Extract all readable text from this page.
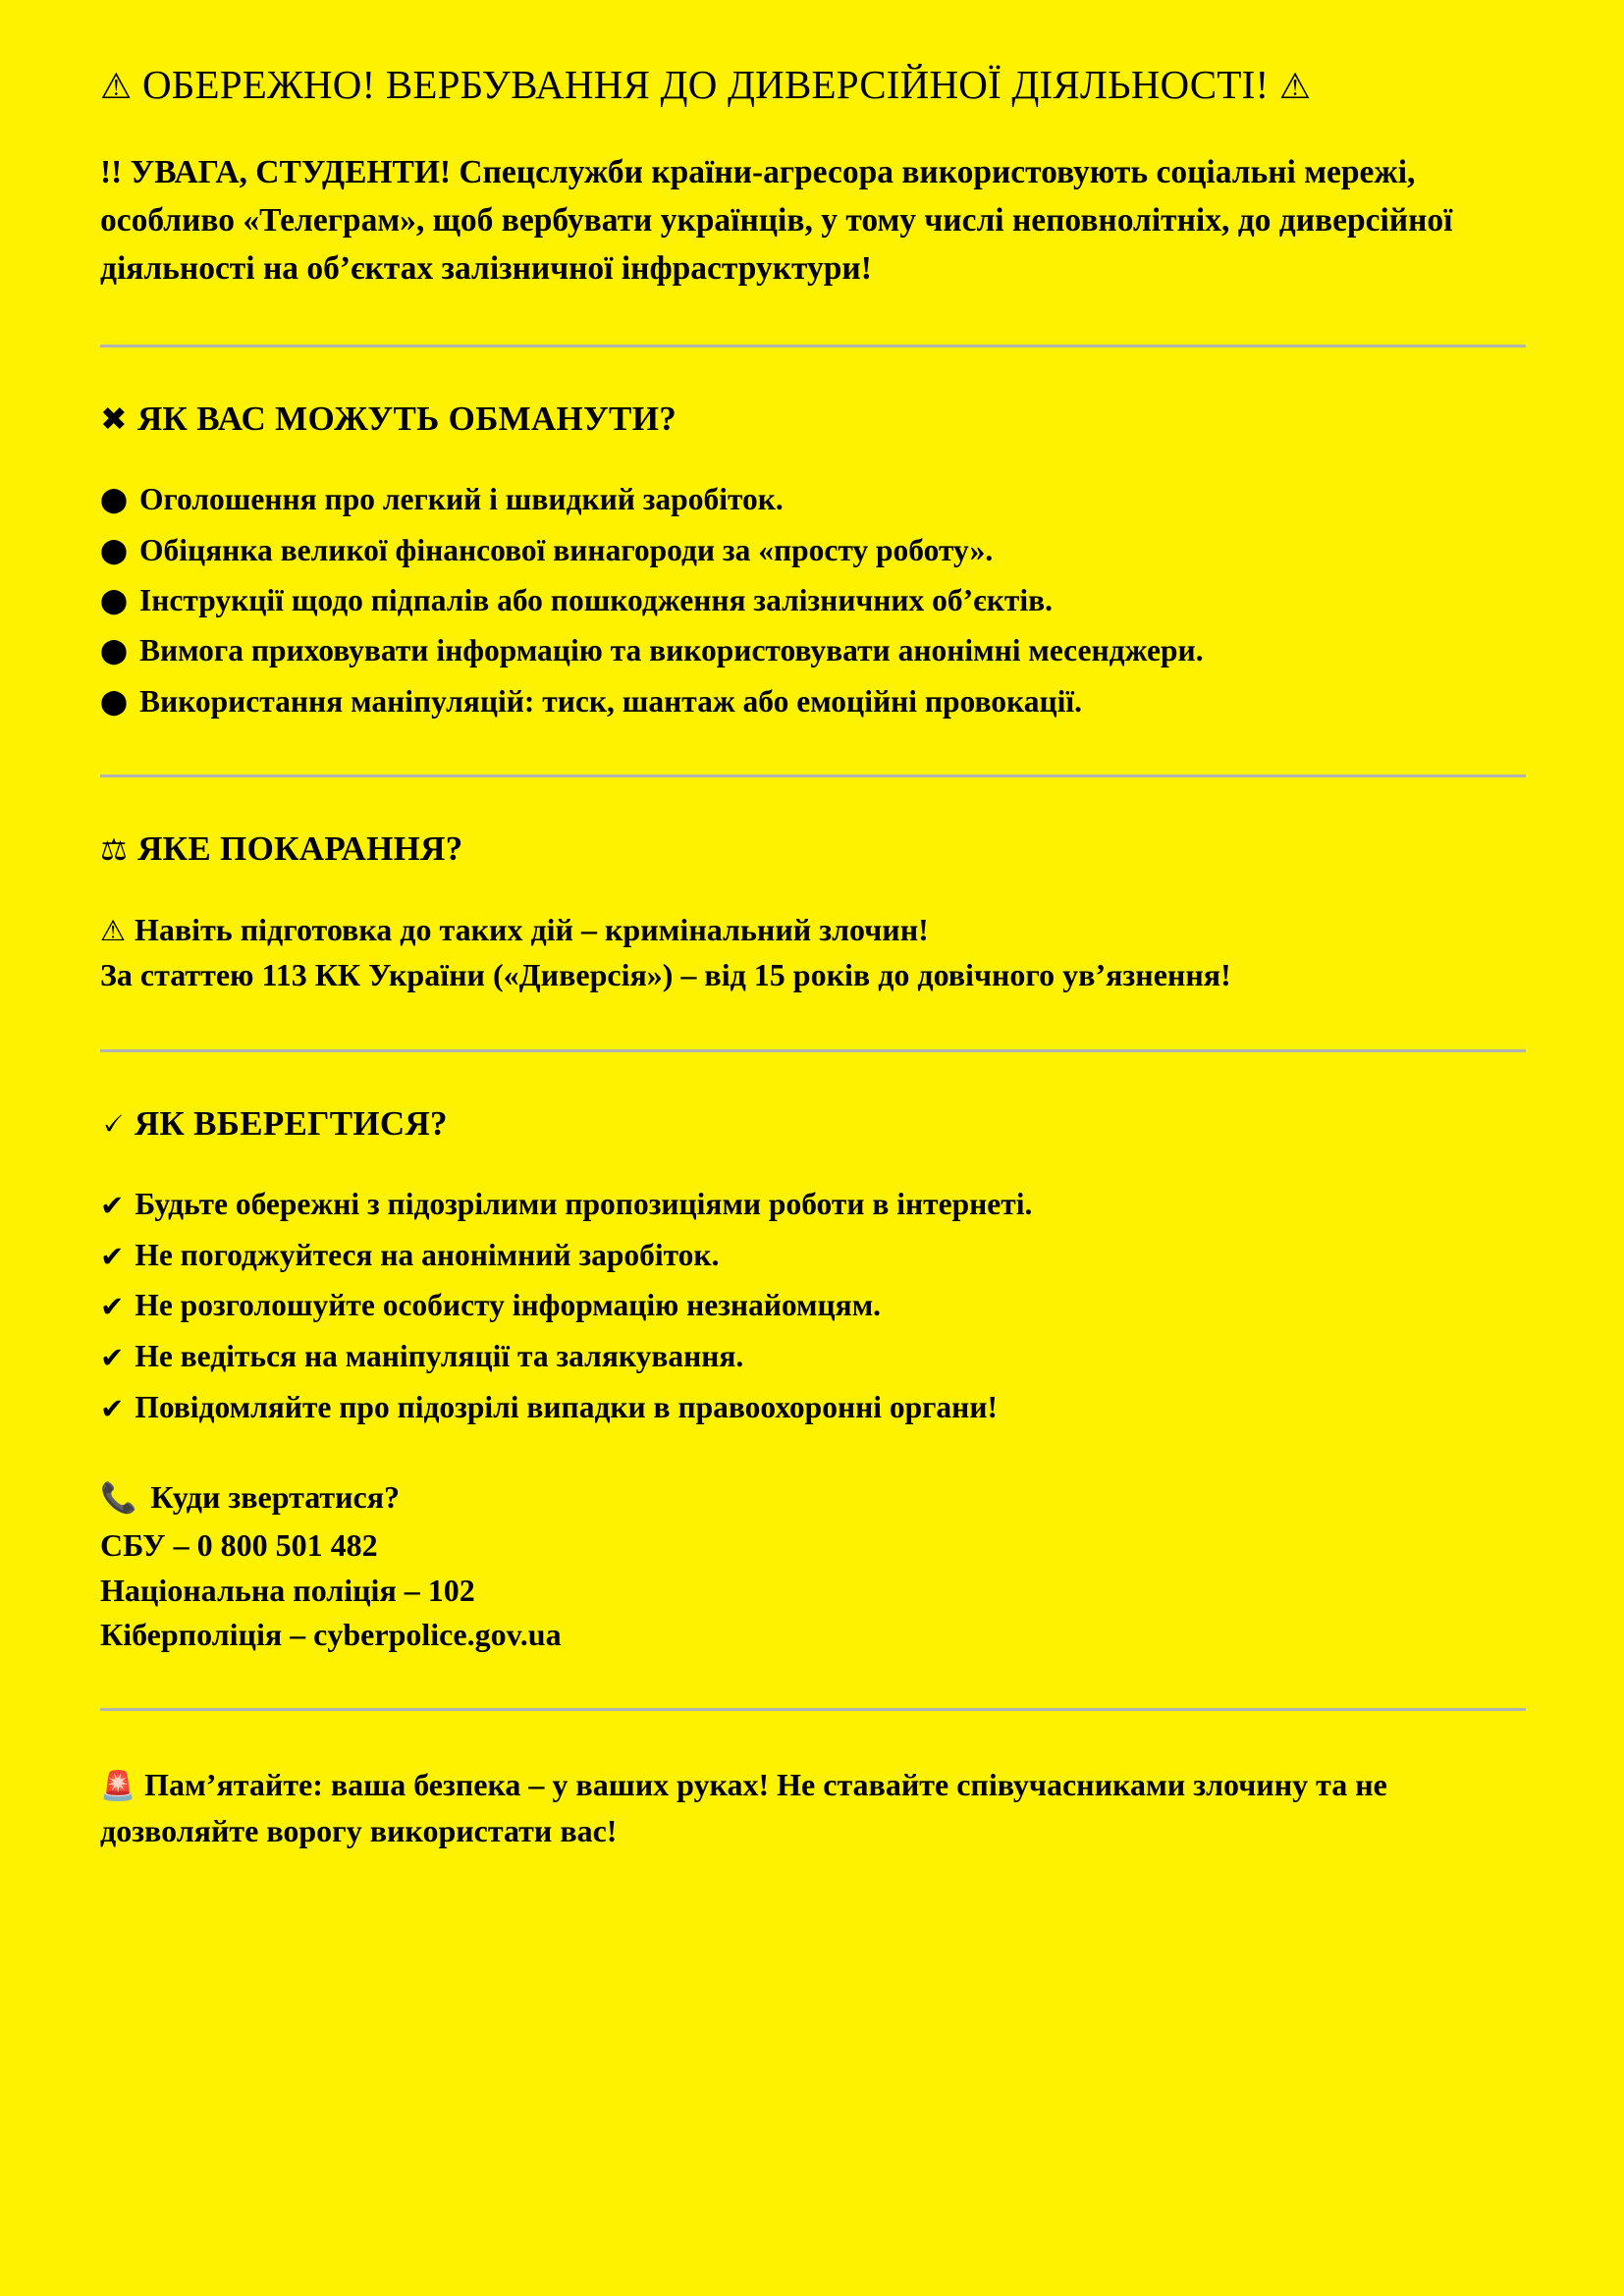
⚠ ОБЕРЕЖНО! ВЕРБУВАННЯ ДО ДИВЕРСІЙНОЇ ДІЯЛЬНОСТІ! ⚠

!! УВАГА, СТУДЕНТИ! Спецслужби країни-агресора використовують соціальні мережі, особливо «Телеграм», щоб вербувати українців, у тому числі неповнолітніх, до диверсійної діяльності на об’єктах залізничної інфраструктури!

✖ ЯК ВАС МОЖУТЬ ОБМАНУТИ?
⬤ Оголошення про легкий і швидкий заробіток.
⬤ Обіцянка великої фінансової винагороди за «просту роботу».
⬤ Інструкції щодо підпалів або пошкодження залізничних об’єктів.
⬤ Вимога приховувати інформацію та використовувати анонімні месенджери.
⬤ Використання маніпуляцій: тиск, шантаж або емоційні провокації.
⚖ ЯКЕ ПОКАРАННЯ?

⚠ Навіть підготовка до таких дій – кримінальний злочин!
За статтею 113 КК України («Диверсія») – від 15 років до довічного ув’язнення!

🗸 ЯК ВБЕРЕГТИСЯ?
✔ Будьте обережні з підозрілими пропозиціями роботи в інтернеті.
✔ Не погоджуйтеся на анонімний заробіток.
✔ Не розголошуйте особисту інформацію незнайомцям.
✔ Не ведіться на маніпуляції та залякування.
✔ Повідомляйте про підозрілі випадки в правоохоронні органи!
📞 Куди звертатися?
СБУ – 0 800 501 482
Національна поліція – 102
Кіберполіція – cyberpolice.gov.ua

🚨 Пам’ятайте: ваша безпека – у ваших руках! Не ставайте співучасниками злочину та не дозволяйте ворогу використати вас!
